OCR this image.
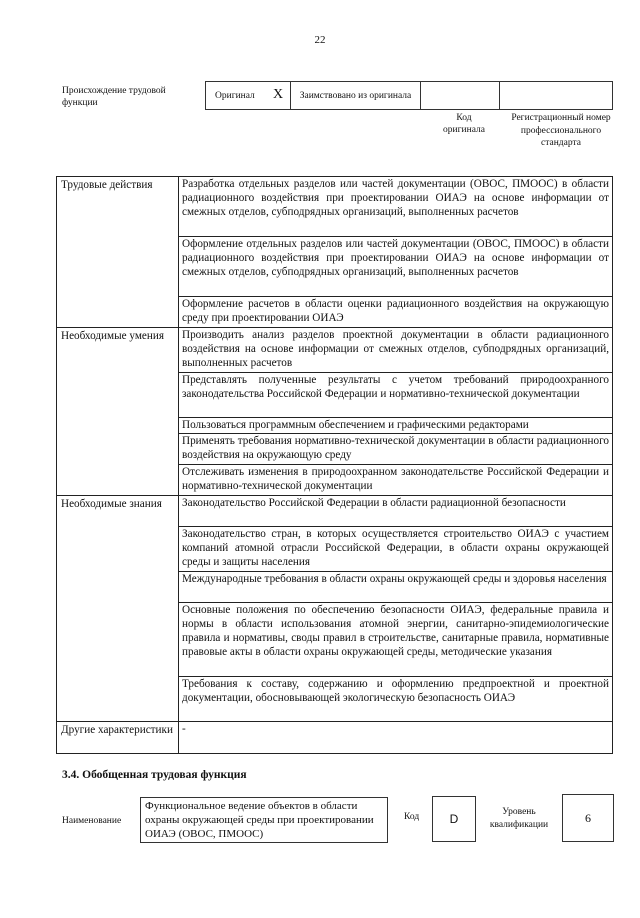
22
Происхождение трудовой функции
Оригинал X	Заимствовано из оригинала		
Код оригинала
Регистрационный номер профессионального стандарта
Трудовые действия	Разработка отдельных разделов или частей документации (ОВОС, ПМООС) в области радиационного воздействия при проектировании ОИАЭ на основе информации от смежных отделов, субподрядных организаций, выполненных расчетов
	Оформление отдельных разделов или частей документации (ОВОС, ПМООС) в области радиационного воздействия при проектировании ОИАЭ на основе информации от смежных отделов, субподрядных организаций, выполненных расчетов
	Оформление расчетов в области оценки радиационного воздействия на окружающую среду при проектировании ОИАЭ
Необходимые умения	Производить анализ разделов проектной документации в области радиационного воздействия на основе информации от смежных отделов, субподрядных организаций, выполненных расчетов
	Представлять полученные результаты с учетом требований природоохранного законодательства Российской Федерации и нормативно-технической документации
	Пользоваться программным обеспечением и графическими редакторами
	Применять требования нормативно-технической документации в области радиационного воздействия на окружающую среду
	Отслеживать изменения в природоохранном законодательстве Российской Федерации и нормативно-технической документации
Необходимые знания	Законодательство Российской Федерации в области радиационной безопасности
	Законодательство стран, в которых осуществляется строительство ОИАЭ с участием компаний атомной отрасли Российской Федерации, в области охраны окружающей среды и защиты населения
	Международные требования в области охраны окружающей среды и здоровья населения
	Основные положения по обеспечению безопасности ОИАЭ, федеральные правила и нормы в области использования атомной энергии, санитарно-эпидемиологические правила и нормативы, своды правил в строительстве, санитарные правила, нормативные правовые акты в области охраны окружающей среды, методические указания
	Требования к составу, содержанию и оформлению предпроектной и проектной документации, обосновывающей экологическую безопасность ОИАЭ
Другие характеристики	-
3.4. Обобщенная трудовая функция
Наименование
Функциональное ведение объектов в области охраны окружающей среды при проектировании ОИАЭ (ОВОС, ПМООС)
Код	D	Уровень квалификации	6
